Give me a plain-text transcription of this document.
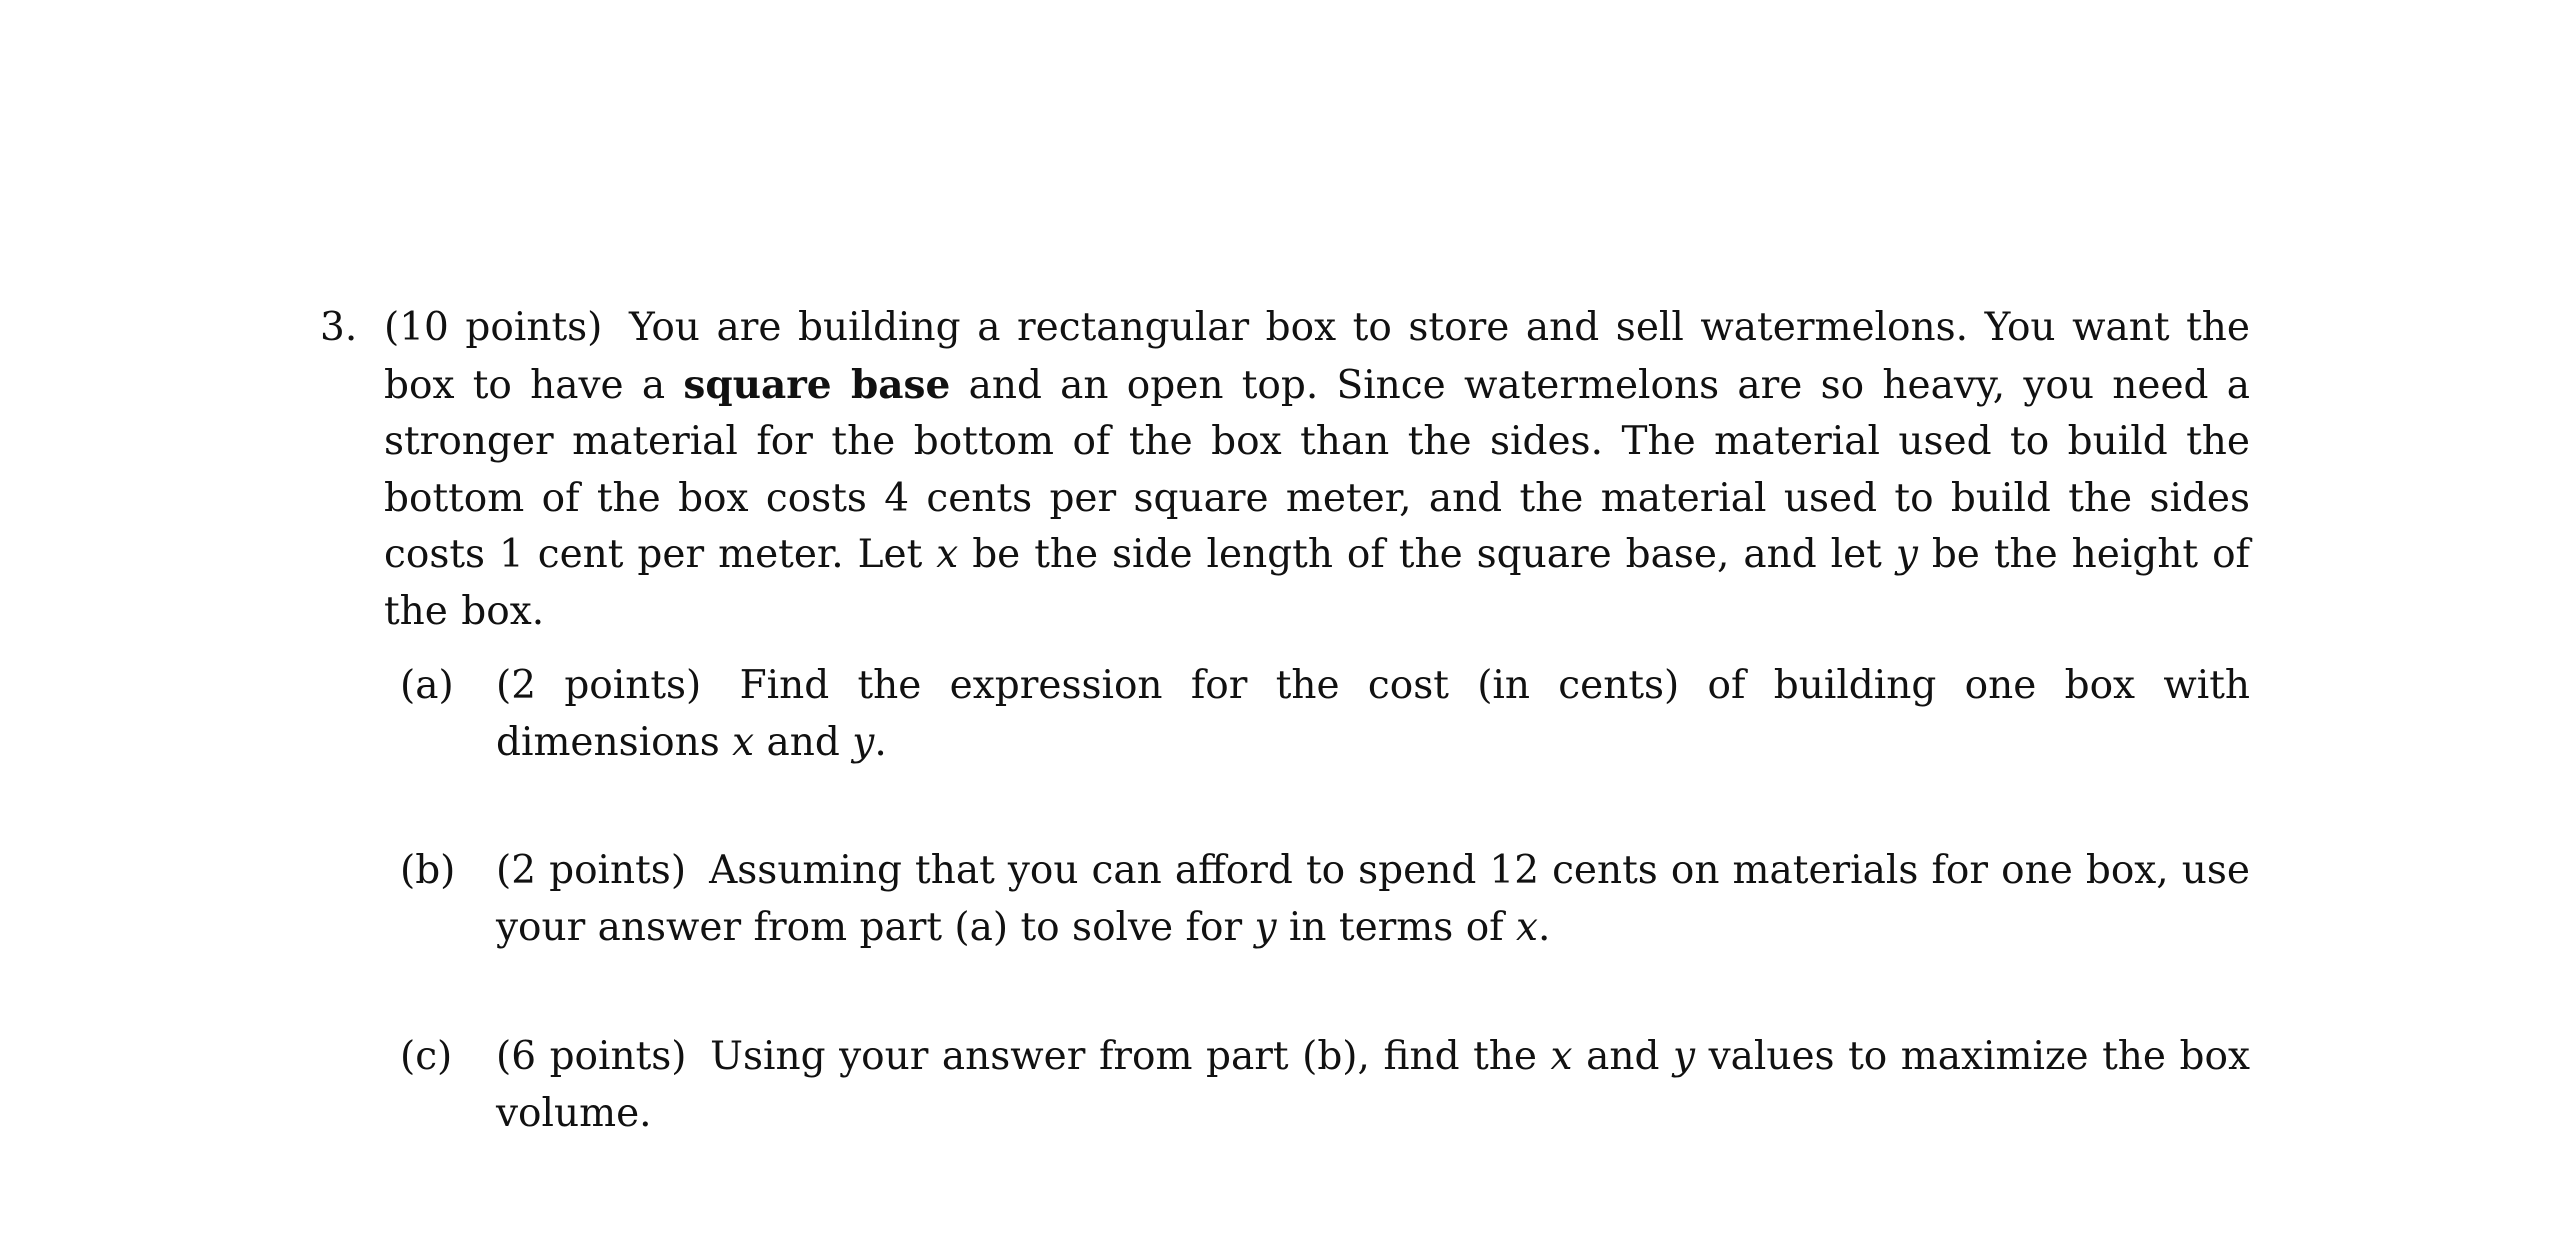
3. (10 points) You are building a rectangular box to store and sell watermelons. You want the box to have a square base and an open top. Since watermelons are so heavy, you need a stronger material for the bottom of the box than the sides. The material used to build the bottom of the box costs 4 cents per square meter, and the material used to build the sides costs 1 cent per meter. Let x be the side length of the square base, and let y be the height of the box.
(a) (2 points) Find the expression for the cost (in cents) of building one box with dimensions x and y.
(b) (2 points) Assuming that you can afford to spend 12 cents on materials for one box, use your answer from part (a) to solve for y in terms of x.
(c) (6 points) Using your answer from part (b), find the x and y values to maximize the box volume.
